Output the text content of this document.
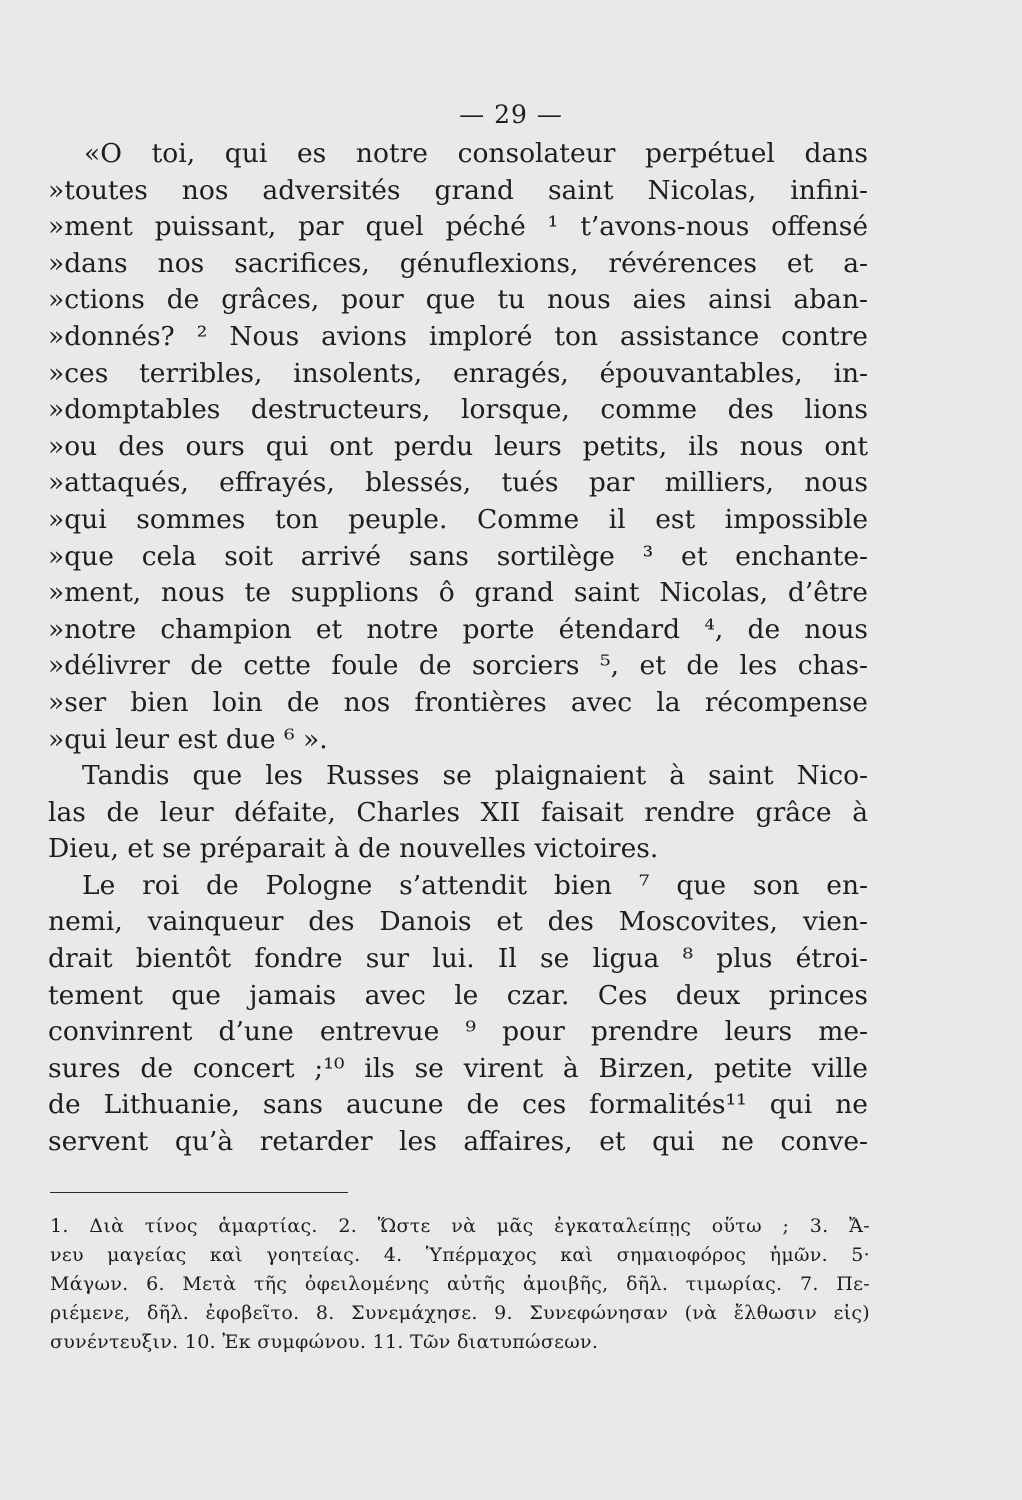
— 29 —
«O toi, qui es notre consolateur perpétuel dans
»toutes nos adversités grand saint Nicolas, infini-
»ment puissant, par quel péché ¹ t’avons-nous offensé
»dans nos sacrifices, génuflexions, révérences et a-
»ctions de grâces, pour que tu nous aies ainsi aban-
»donnés? ² Nous avions imploré ton assistance contre
»ces terribles, insolents, enragés, épouvantables, in-
»domptables destructeurs, lorsque, comme des lions
»ou des ours qui ont perdu leurs petits, ils nous ont
»attaqués, effrayés, blessés, tués par milliers, nous
»qui sommes ton peuple. Comme il est impossible
»que cela soit arrivé sans sortilège ³ et enchante-
»ment, nous te supplions ô grand saint Nicolas, d’être
»notre champion et notre porte étendard ⁴, de nous
»délivrer de cette foule de sorciers ⁵, et de les chas-
»ser bien loin de nos frontières avec la récompense
»qui leur est due ⁶ ».
Tandis que les Russes se plaignaient à saint Nico-
las de leur défaite, Charles XII faisait rendre grâce à
Dieu, et se préparait à de nouvelles victoires.
Le roi de Pologne s’attendit bien ⁷ que son en-
nemi, vainqueur des Danois et des Moscovites, vien-
drait bientôt fondre sur lui. Il se ligua ⁸ plus étroi-
tement que jamais avec le czar. Ces deux princes
convinrent d’une entrevue ⁹ pour prendre leurs me-
sures de concert ;¹⁰ ils se virent à Birzen, petite ville
de Lithuanie, sans aucune de ces formalités¹¹ qui ne
servent qu’à retarder les affaires, et qui ne conve-
1. Διὰ τίνος ἁμαρτίας. 2. Ὥστε νὰ μᾶς ἐγκαταλείπῃς οὕτω ; 3. Ἄ-
νευ μαγείας καὶ γοητείας. 4. Ὑπέρμαχος καὶ σημαιοφόρος ἡμῶν. 5·
Μάγων. 6. Μετὰ τῆς ὀφειλομένης αὐτῆς ἀμοιβῆς, δῆλ. τιμωρίας. 7. Πε-
ριέμενε, δῆλ. ἐφοβεῖτο. 8. Συνεμάχησε. 9. Συνεφώνησαν (νὰ ἔλθωσιν εἰς)
συνέντευξιν. 10. Ἐκ συμφώνου. 11. Τῶν διατυπώσεων.
